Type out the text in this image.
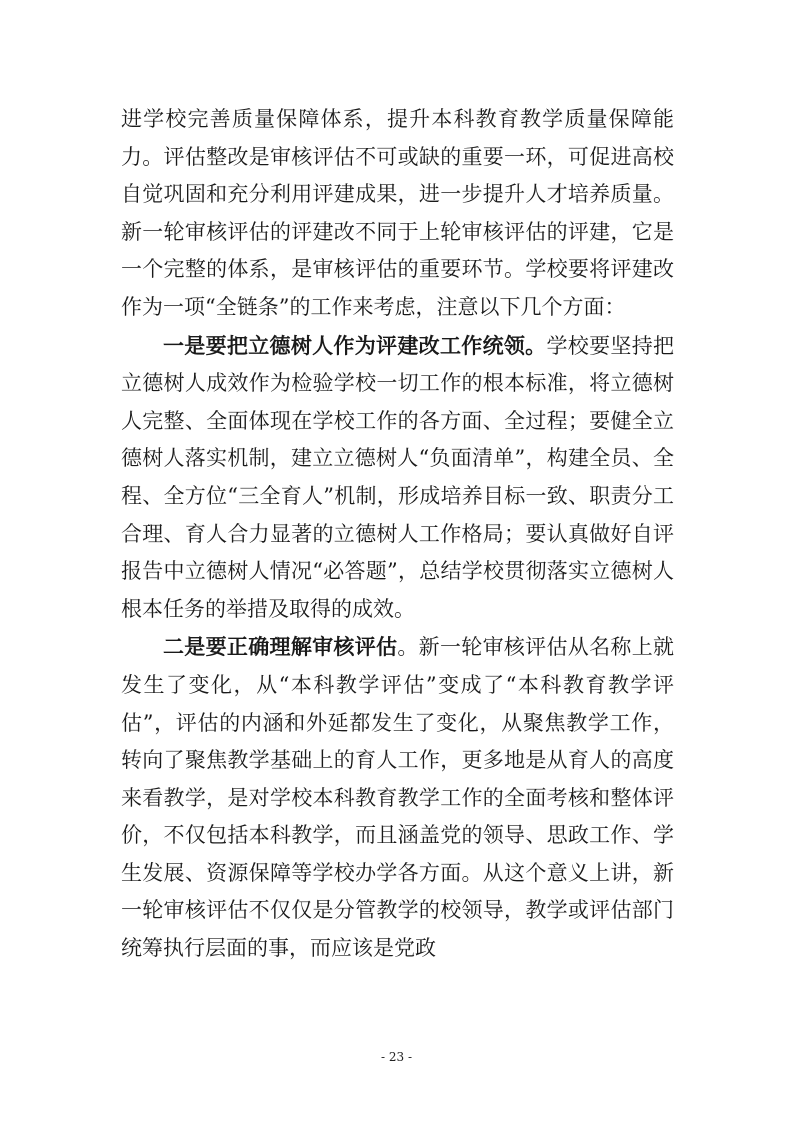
进学校完善质量保障体系，提升本科教育教学质量保障能力。评估整改是审核评估不可或缺的重要一环，可促进高校自觉巩固和充分利用评建成果，进一步提升人才培养质量。新一轮审核评估的评建改不同于上轮审核评估的评建，它是一个完整的体系，是审核评估的重要环节。学校要将评建改作为一项“全链条”的工作来考虑，注意以下几个方面：

一是要把立德树人作为评建改工作统领。学校要坚持把立德树人成效作为检验学校一切工作的根本标准，将立德树人完整、全面体现在学校工作的各方面、全过程；要健全立德树人落实机制，建立立德树人“负面清单”，构建全员、全程、全方位“三全育人”机制，形成培养目标一致、职责分工合理、育人合力显著的立德树人工作格局；要认真做好自评报告中立德树人情况“必答题”，总结学校贯彻落实立德树人根本任务的举措及取得的成效。

二是要正确理解审核评估。新一轮审核评估从名称上就发生了变化，从“本科教学评估”变成了“本科教育教学评估”，评估的内涵和外延都发生了变化，从聚焦教学工作，转向了聚焦教学基础上的育人工作，更多地是从育人的高度来看教学，是对学校本科教育教学工作的全面考核和整体评价，不仅包括本科教学，而且涵盖党的领导、思政工作、学生发展、资源保障等学校办学各方面。从这个意义上讲，新一轮审核评估不仅仅是分管教学的校领导，教学或评估部门统筹执行层面的事，而应该是党政

- 23 -
